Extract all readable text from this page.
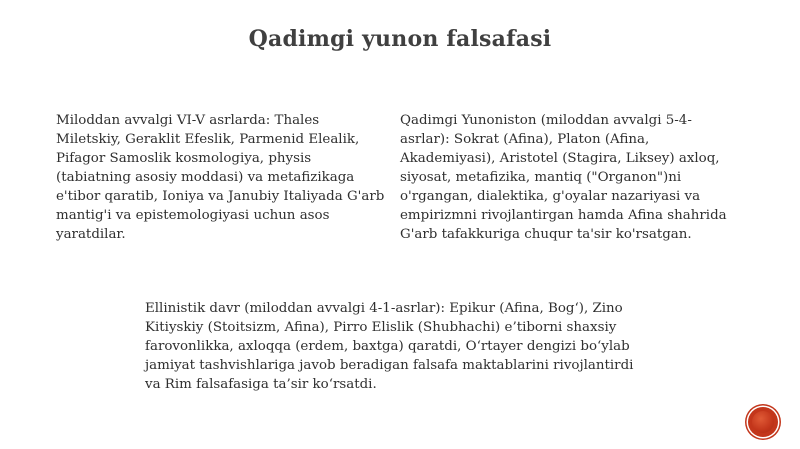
Qadimgi yunon falsafasi

Miloddan avvalgi VI-V asrlarda: Thales Miletskiy, Geraklit Efeslik, Parmenid Elealik, Pifagor Samoslik kosmologiya, physis (tabiatning asosiy moddasi) va metafizikaga e'tibor qaratib, Ioniya va Janubiy Italiyada G'arb mantig'i va epistemologiyasi uchun asos yaratdilar.

Qadimgi Yunoniston (miloddan avvalgi 5-4-asrlar): Sokrat (Afina), Platon (Afina, Akademiyasi), Aristotel (Stagira, Liksey) axloq, siyosat, metafizika, mantiq ("Organon")ni o'rgangan, dialektika, g'oyalar nazariyasi va empirizmni rivojlantirgan hamda Afina shahrida G'arb tafakkuriga chuqur ta'sir ko'rsatgan.

Ellinistik davr (miloddan avvalgi 4-1-asrlar): Epikur (Afina, Bog‘), Zino Kitiyskiy (Stoitsizm, Afina), Pirro Elislik (Shubhachi) e’tiborni shaxsiy farovonlikka, axloqqa (erdem, baxtga) qaratdi, O‘rtayer dengizi bo‘ylab jamiyat tashvishlariga javob beradigan falsafa maktablarini rivojlantirdi va Rim falsafasiga ta’sir ko‘rsatdi.
